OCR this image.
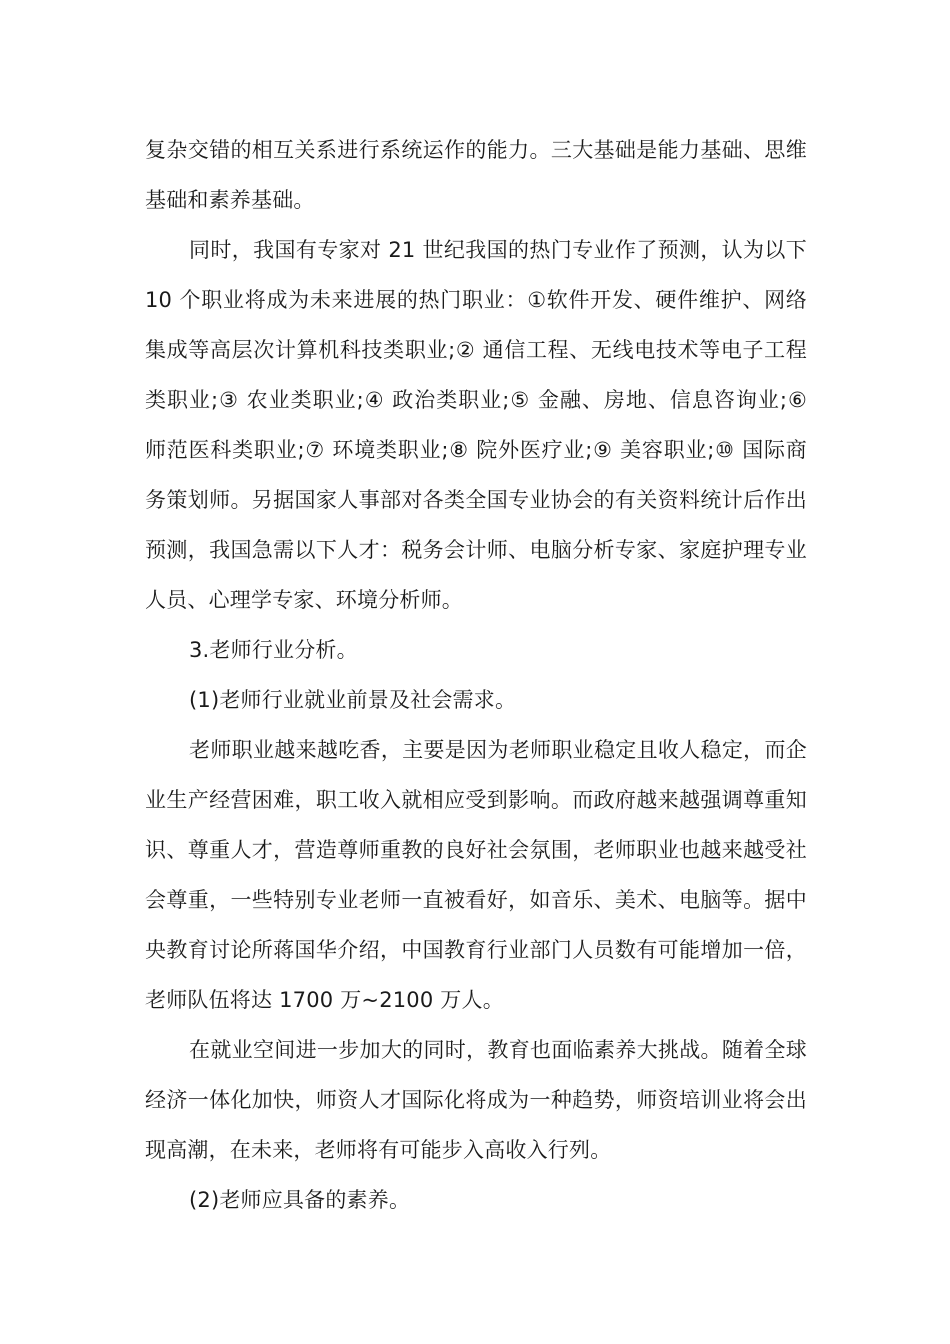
复杂交错的相互关系进行系统运作的能力。三大基础是能力基础、思维基础和素养基础。

同时，我国有专家对 21 世纪我国的热门专业作了预测，认为以下 10 个职业将成为未来进展的热门职业：①软件开发、硬件维护、网络集成等高层次计算机科技类职业;② 通信工程、无线电技术等电子工程类职业;③ 农业类职业;④ 政治类职业;⑤ 金融、房地、信息咨询业;⑥ 师范医科类职业;⑦ 环境类职业;⑧ 院外医疗业;⑨ 美容职业;⑩ 国际商务策划师。另据国家人事部对各类全国专业协会的有关资料统计后作出预测，我国急需以下人才：税务会计师、电脑分析专家、家庭护理专业人员、心理学专家、环境分析师。

3.老师行业分析。

(1)老师行业就业前景及社会需求。

老师职业越来越吃香，主要是因为老师职业稳定且收人稳定，而企业生产经营困难，职工收入就相应受到影响。而政府越来越强调尊重知识、尊重人才，营造尊师重教的良好社会氛围，老师职业也越来越受社会尊重，一些特别专业老师一直被看好，如音乐、美术、电脑等。据中央教育讨论所蒋国华介绍，中国教育行业部门人员数有可能增加一倍，老师队伍将达 1700 万~2100 万人。

在就业空间进一步加大的同时，教育也面临素养大挑战。随着全球经济一体化加快，师资人才国际化将成为一种趋势，师资培训业将会出现高潮，在未来，老师将有可能步入高收入行列。

(2)老师应具备的素养。
